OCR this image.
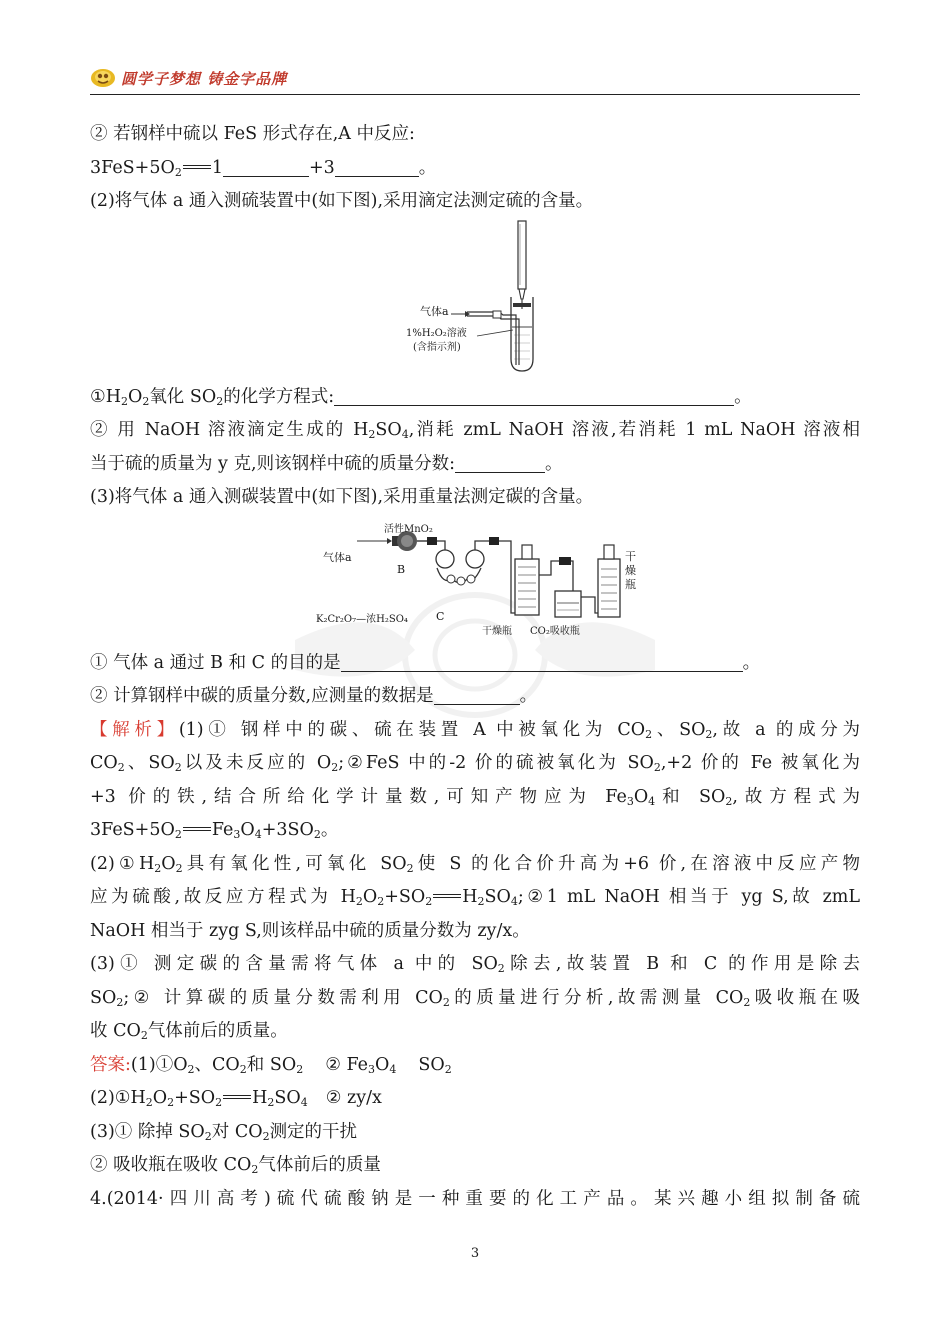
圆学子梦想 铸金字品牌
② 若钢样中硫以 FeS 形式存在,A 中反应:
$3FeS+5O_2$ 1	+3	。
(2)将气体 a 通入测硫装置中(如下图),采用滴定法测定硫的含量。
气体a
1%H₂O₂溶液
(含指示剂)
$①H_2O_2$氧化 $SO_2$的化学方程式:	。
② 用 NaOH 溶液滴定生成的 $H_2SO_4$,消耗 zmL NaOH 溶液,若消耗 1 mL NaOH 溶液相
当于硫的质量为 y 克,则该钢样中硫的质量分数:	。
(3)将气体 a 通入测碳装置中(如下图),采用重量法测定碳的含量。
活性MnO₂
气体a
B
K₂Cr₂O₇—浓H₂SO₄	C
干燥瓶 CO₂吸收瓶
干
燥
瓶
① 气体 a 通过 B 和 C 的目的是	。
② 计算钢样中碳的质量分数,应测量的数据是	。
【解析】(1)① 钢样中的碳、硫在装置 A 中被氧化为 $CO_2$、$SO_2$,故 a 的成分为
$CO_2$、$SO_2$以及未反应的 $O_2;②FeS$ 中的-2 价的硫被氧化为 $SO_2,+2$ 价的 Fe 被氧化为
+3 价的铁,结合所给化学计量数,可知产物应为 $Fe_3O_4$和 $SO_2$,故方程式为
$3FeS+5O_2$ $Fe_3O_4+3SO_2$。
$(2)①H_2O_2$具有氧化性,可氧化 $SO_2$使 S 的化合价升高为+6 价,在溶液中反应产物
应为硫酸,故反应方程式为 $H_2O_2+SO_2$ $H_2SO_4;②1$ mL NaOH 相当于 yg S,故 zmL
NaOH 相当于 zyg S,则该样品中硫的质量分数为 zy/x。
(3)① 测定碳的含量需将气体 a 中的 $SO_2$除去,故装置 B 和 C 的作用是除去
$SO_2;②$ 计算碳的质量分数需利用 $CO_2$的质量进行分析,故需测量 $CO_2$吸收瓶在吸
收 $CO_2$气体前后的质量。
答案$:(1)①O_2$、$CO_2$和 $SO_2$ ② $Fe_3O_4$ $SO_2$
$(2)①H_2O_2+SO_2$ $H_2SO_4$ ② zy/x
(3)① 除掉 $SO_2$对 $CO_2$测定的干扰
② 吸收瓶在吸收 $CO_2$气体前后的质量
4.(2014·四川高考)硫代硫酸钠是一种重要的化工产品。某兴趣小组拟制备硫
3
